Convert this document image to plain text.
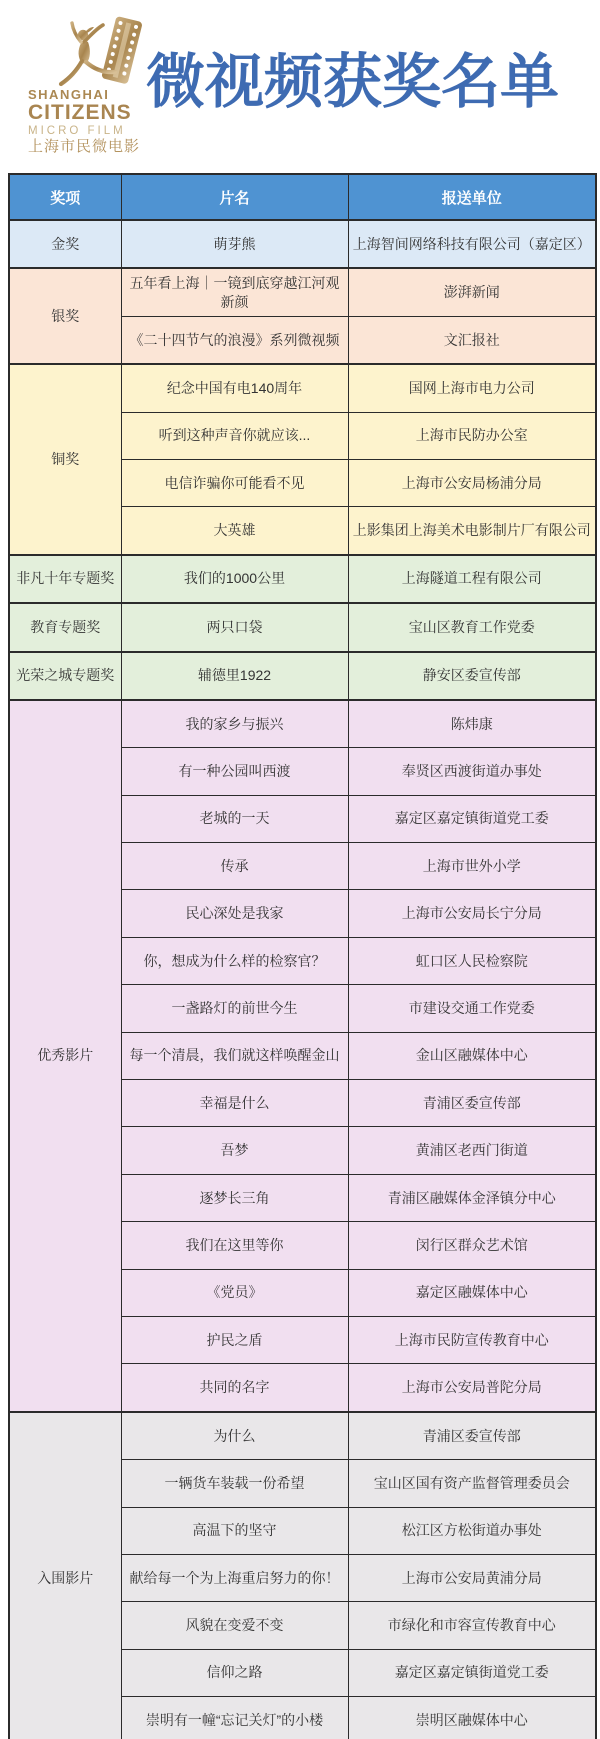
SHANGHAI
CITIZENS
MICRO FILM
上海市民微电影
微视频获奖名单
奖项	片名	报送单位
金奖	萌芽熊	上海智间网络科技有限公司（嘉定区）
银奖	五年看上海｜一镜到底穿越江河观新颜	澎湃新闻
	《二十四节气的浪漫》系列微视频	文汇报社
铜奖	纪念中国有电140周年	国网上海市电力公司
	听到这种声音你就应该...	上海市民防办公室
	电信诈骗你可能看不见	上海市公安局杨浦分局
	大英雄	上影集团上海美术电影制片厂有限公司
非凡十年专题奖	我们的1000公里	上海隧道工程有限公司
教育专题奖	两只口袋	宝山区教育工作党委
光荣之城专题奖	辅德里1922	静安区委宣传部
优秀影片	我的家乡与振兴	陈炜康
	有一种公园叫西渡	奉贤区西渡街道办事处
	老城的一天	嘉定区嘉定镇街道党工委
	传承	上海市世外小学
	民心深处是我家	上海市公安局长宁分局
	你，想成为什么样的检察官？	虹口区人民检察院
	一盏路灯的前世今生	市建设交通工作党委
	每一个清晨，我们就这样唤醒金山	金山区融媒体中心
	幸福是什么	青浦区委宣传部
	吾梦	黄浦区老西门街道
	逐梦长三角	青浦区融媒体金泽镇分中心
	我们在这里等你	闵行区群众艺术馆
	《党员》	嘉定区融媒体中心
	护民之盾	上海市民防宣传教育中心
	共同的名字	上海市公安局普陀分局
入围影片	为什么	青浦区委宣传部
	一辆货车装载一份希望	宝山区国有资产监督管理委员会
	高温下的坚守	松江区方松街道办事处
	献给每一个为上海重启努力的你！	上海市公安局黄浦分局
	风貌在变爱不变	市绿化和市容宣传教育中心
	信仰之路	嘉定区嘉定镇街道党工委
	崇明有一幢“忘记关灯”的小楼	崇明区融媒体中心
